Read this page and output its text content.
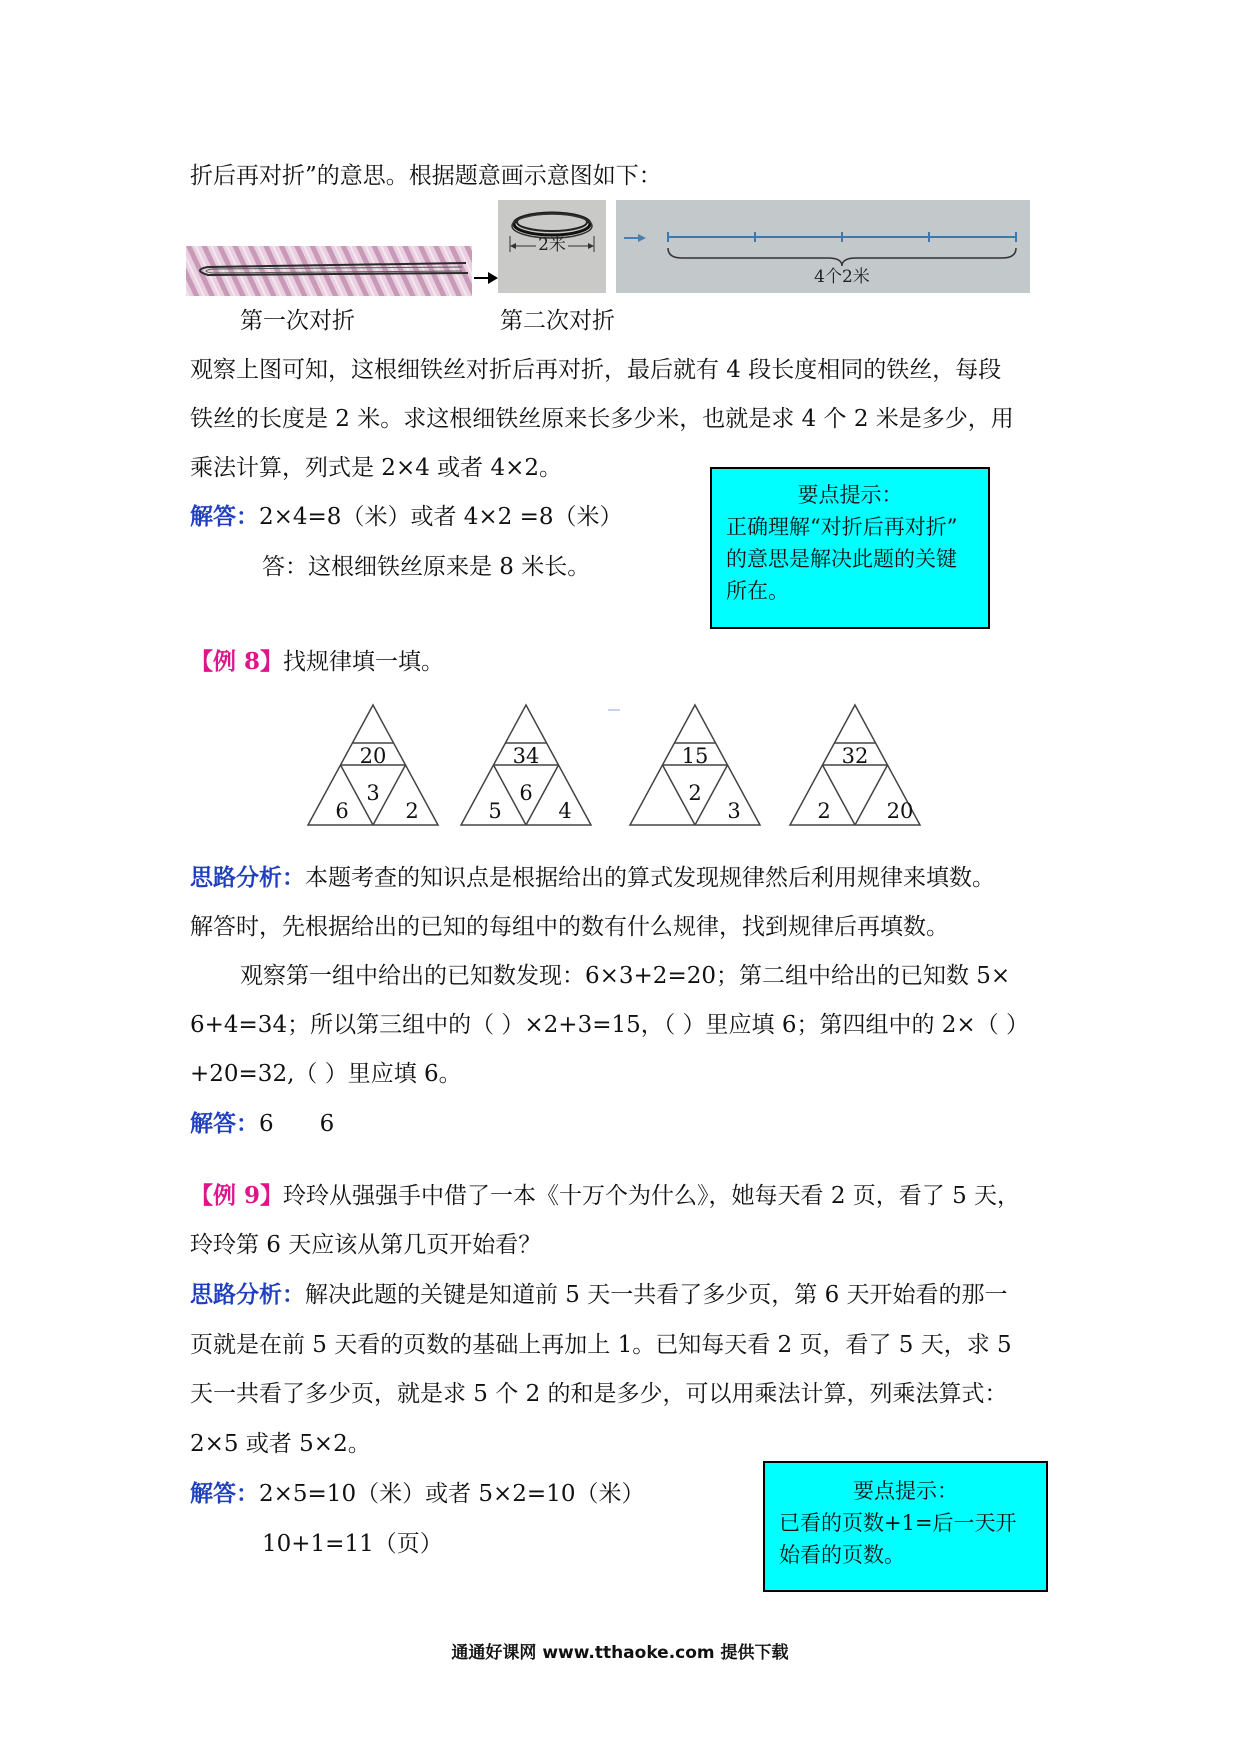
折后再对折”的意思。根据题意画示意图如下：
2米
4个2米
第一次对折	第二次对折
观察上图可知，这根细铁丝对折后再对折，最后就有 4 段长度相同的铁丝，每段
铁丝的长度是 2 米。求这根细铁丝原来长多少米，也就是求 4 个 2 米是多少，用
乘法计算，列式是 2×4 或者 4×2。
解答：2×4=8（米）或者 4×2 =8（米）
答：这根细铁丝原来是 8 米长。
要点提示：
正确理解“对折后再对折”
的意思是解决此题的关键
所在。
【例 8】找规律填一填。
20
3
6	2
34
6
5	4
15
2
3
32
2	20
思路分析：本题考查的知识点是根据给出的算式发现规律然后利用规律来填数。
解答时，先根据给出的已知的每组中的数有什么规律，找到规律后再填数。
观察第一组中给出的已知数发现：6×3+2=20；第二组中给出的已知数 5×
6+4=34；所以第三组中的（ ）×2+3=15，（ ）里应填 6；第四组中的 2×（ ）
+20=32,（ ）里应填 6。
解答：6 6
【例 9】玲玲从强强手中借了一本《十万个为什么》，她每天看 2 页，看了 5 天，
玲玲第 6 天应该从第几页开始看？
思路分析：解决此题的关键是知道前 5 天一共看了多少页，第 6 天开始看的那一
页就是在前 5 天看的页数的基础上再加上 1。已知每天看 2 页，看了 5 天，求 5
天一共看了多少页，就是求 5 个 2 的和是多少，可以用乘法计算，列乘法算式：
2×5 或者 5×2。
解答：2×5=10（米）或者 5×2=10（米）
10+1=11（页）
要点提示：
已看的页数+1=后一天开
始看的页数。
通通好课网 www.tthaoke.com 提供下载
